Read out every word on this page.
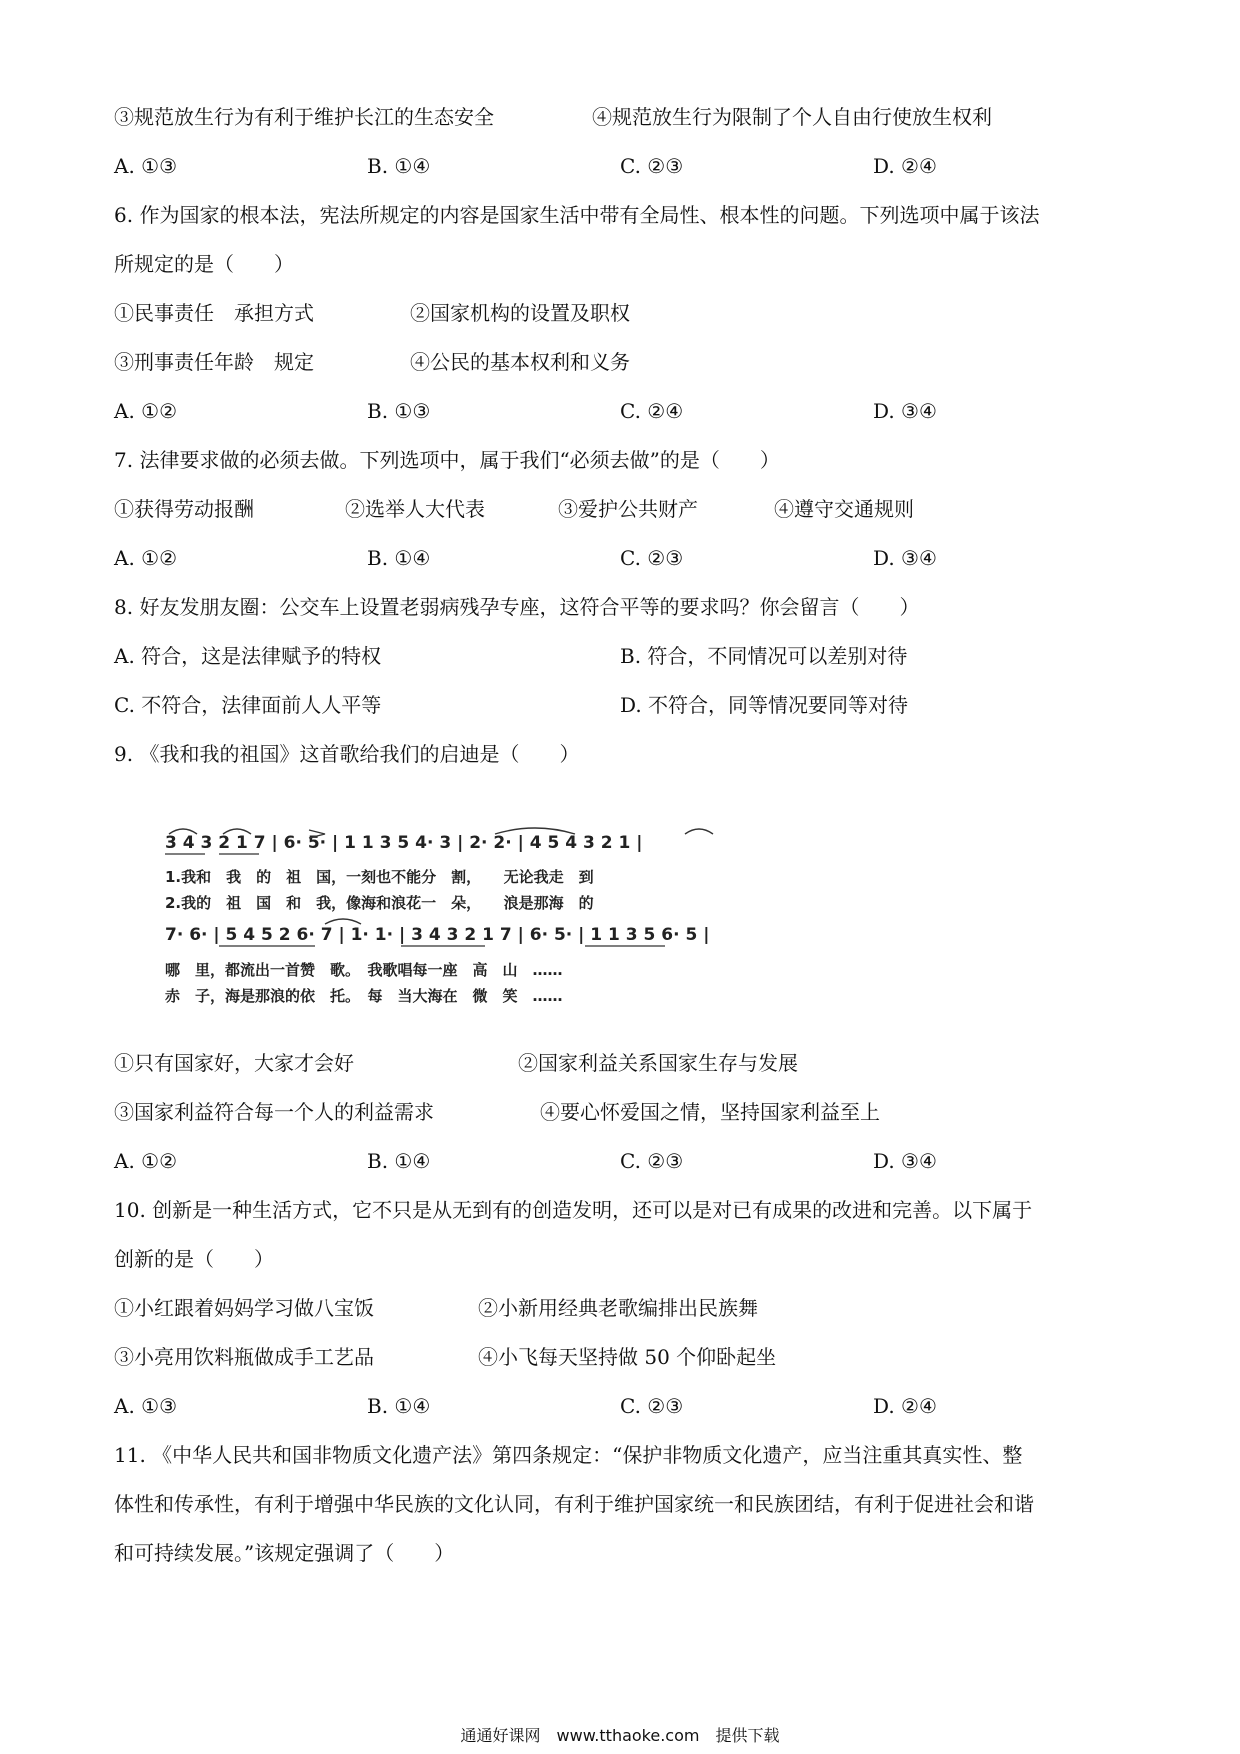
③规范放生行为有利于维护长江的生态安全	④规范放生行为限制了个人自由行使放生权利
A. ①③	B. ①④	C. ②③	D. ②④
6. 作为国家的根本法，宪法所规定的内容是国家生活中带有全局性、根本性的问题。下列选项中属于该法
所规定的是（　　）
①民事责任　承担方式	②国家机构的设置及职权
③刑事责任年龄　规定	④公民的基本权利和义务
A. ①②	B. ①③	C. ②④	D. ③④
7. 法律要求做的必须去做。下列选项中，属于我们“必须去做”的是（　　）
①获得劳动报酬	②选举人大代表	③爱护公共财产	④遵守交通规则
A. ①②	B. ①④	C. ②③	D. ③④
8. 好友发朋友圈：公交车上设置老弱病残孕专座，这符合平等的要求吗？你会留言（　　）
A. 符合，这是法律赋予的特权	B. 符合，不同情况可以差别对待
C. 不符合，法律面前人人平等	D. 不符合，同等情况要同等对待
9. 《我和我的祖国》这首歌给我们的启迪是（　　）
3 4 3 2 1 7 | 6· 5· | 1 1 3 5 4· 3 | 2· 2· | 4 5 4 3 2 1 |
1.我和　我　的　祖　国，一刻也不能分　割，　　无论我走　到
2.我的　祖　国　和　我，像海和浪花一　朵，　　浪是那海　的
7· 6· | 5 4 5 2 6· 7 | 1· 1· | 3 4 3 2 1 7 | 6· 5· | 1 1 3 5 6· 5 |
哪　里，都流出一首赞　歌。　我歌唱每一座　高　山　……
赤　子，海是那浪的依　托。　每　当大海在　微　笑　……
①只有国家好，大家才会好	②国家利益关系国家生存与发展
③国家利益符合每一个人的利益需求	④要心怀爱国之情，坚持国家利益至上
A. ①②	B. ①④	C. ②③	D. ③④
10. 创新是一种生活方式，它不只是从无到有的创造发明，还可以是对已有成果的改进和完善。以下属于
创新的是（　　）
①小红跟着妈妈学习做八宝饭	②小新用经典老歌编排出民族舞
③小亮用饮料瓶做成手工艺品	④小飞每天坚持做 50 个仰卧起坐
A. ①③	B. ①④	C. ②③	D. ②④
11. 《中华人民共和国非物质文化遗产法》第四条规定：“保护非物质文化遗产，应当注重其真实性、整
体性和传承性，有利于增强中华民族的文化认同，有利于维护国家统一和民族团结，有利于促进社会和谐
和可持续发展。”该规定强调了（　　）
通通好课网　www.tthaoke.com　提供下载
